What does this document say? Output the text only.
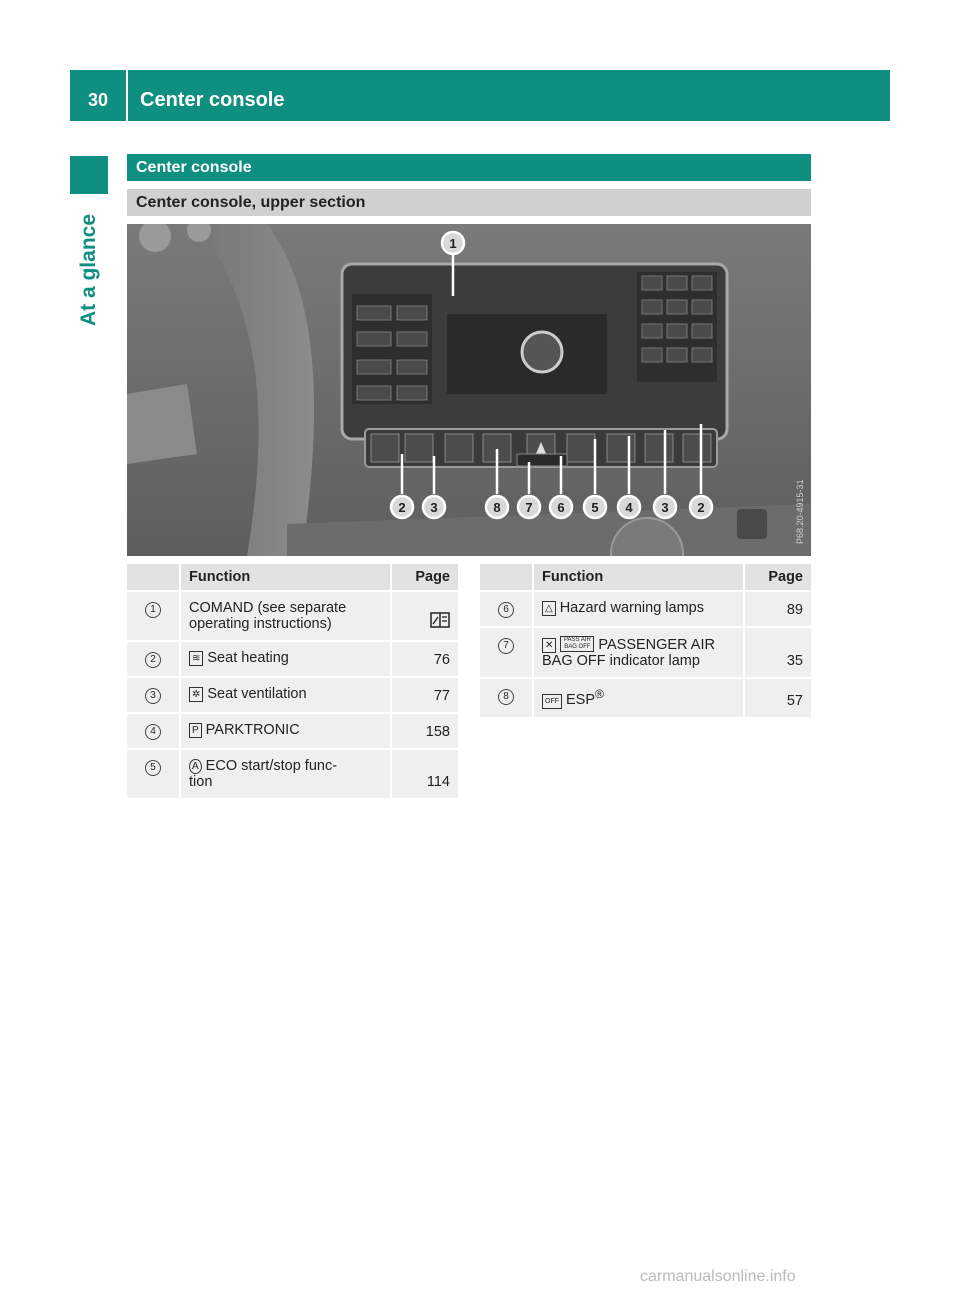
30	Center console
At a glance
Center console
Center console, upper section
1
2 3	8 7 6 5 4 3 2	P68.20-4915-31
	Function	Page
1	COMAND (see separate
operating instructions)	
2	≋ Seat heating	76
3	✲ Seat ventilation	77
4	P PARKTRONIC	158
5	A ECO start/stop func-
tion	114
	Function	Page
6	△ Hazard warning lamps	89
7	✕ PASS AIR BAG OFF PASSENGER AIR
BAG OFF indicator lamp	35
8	OFF ESP®	57
carmanualsonline.info
